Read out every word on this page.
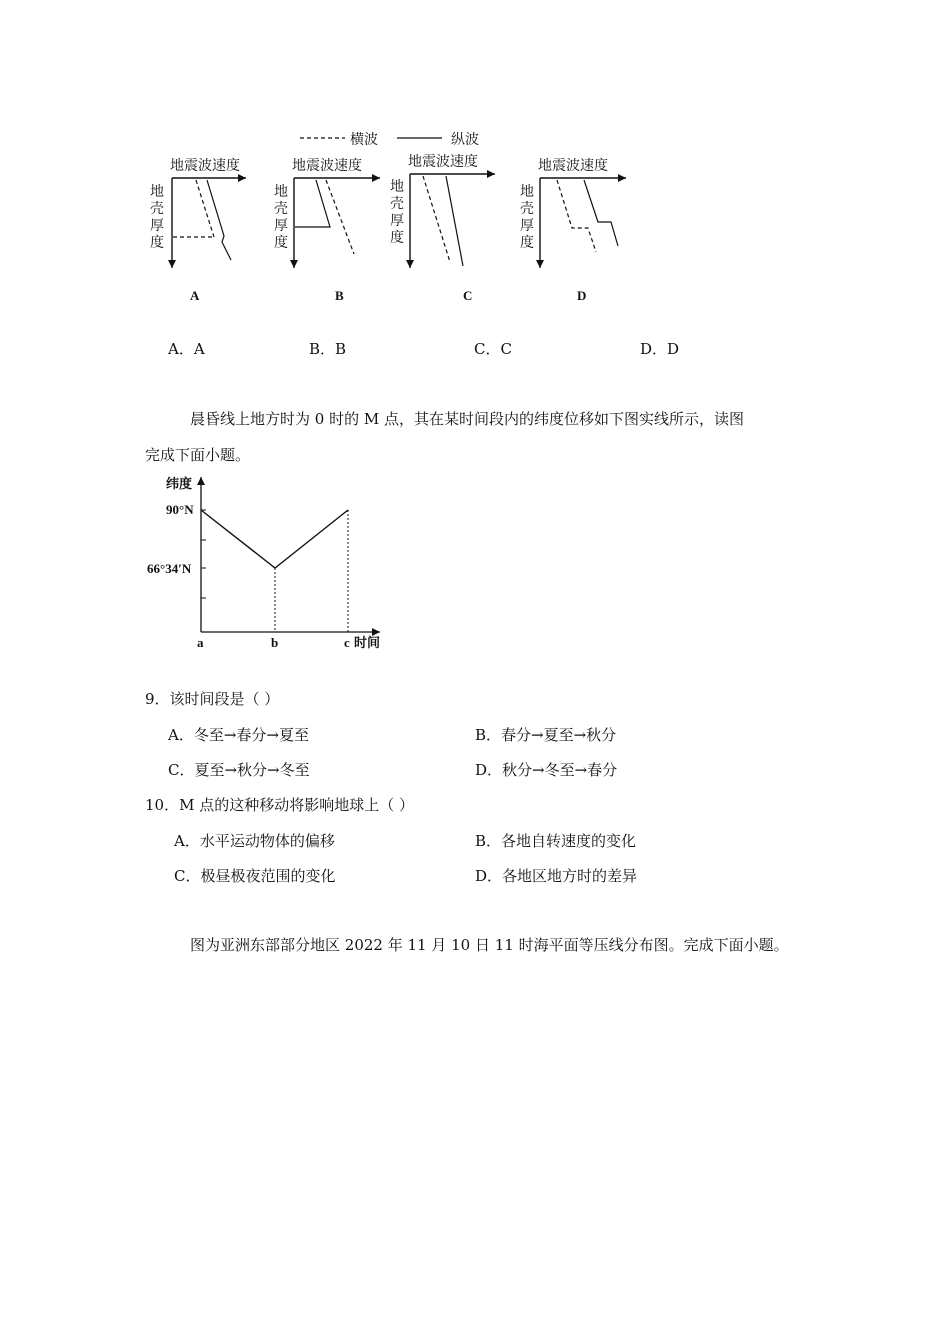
横波	纵波
地震波速度
地
壳
厚
度
A
地震波速度
地
壳
厚
度
B
地震波速度
地
壳
厚
度
C
地震波速度
地
壳
厚
度
D
A．A	B．B	C．C	D．D
晨昏线上地方时为 0 时的 M 点，其在某时间段内的纬度位移如下图实线所示，读图
完成下面小题。
纬度
90°N
66°34′N
a	b	c 时间
9．该时间段是（ ）
A．冬至→春分→夏至	B．春分→夏至→秋分
C．夏至→秋分→冬至	D．秋分→冬至→春分
10．M 点的这种移动将影响地球上（ ）
A．水平运动物体的偏移	B．各地自转速度的变化
C．极昼极夜范围的变化	D．各地区地方时的差异
图为亚洲东部部分地区 2022 年 11 月 10 日 11 时海平面等压线分布图。完成下面小题。
